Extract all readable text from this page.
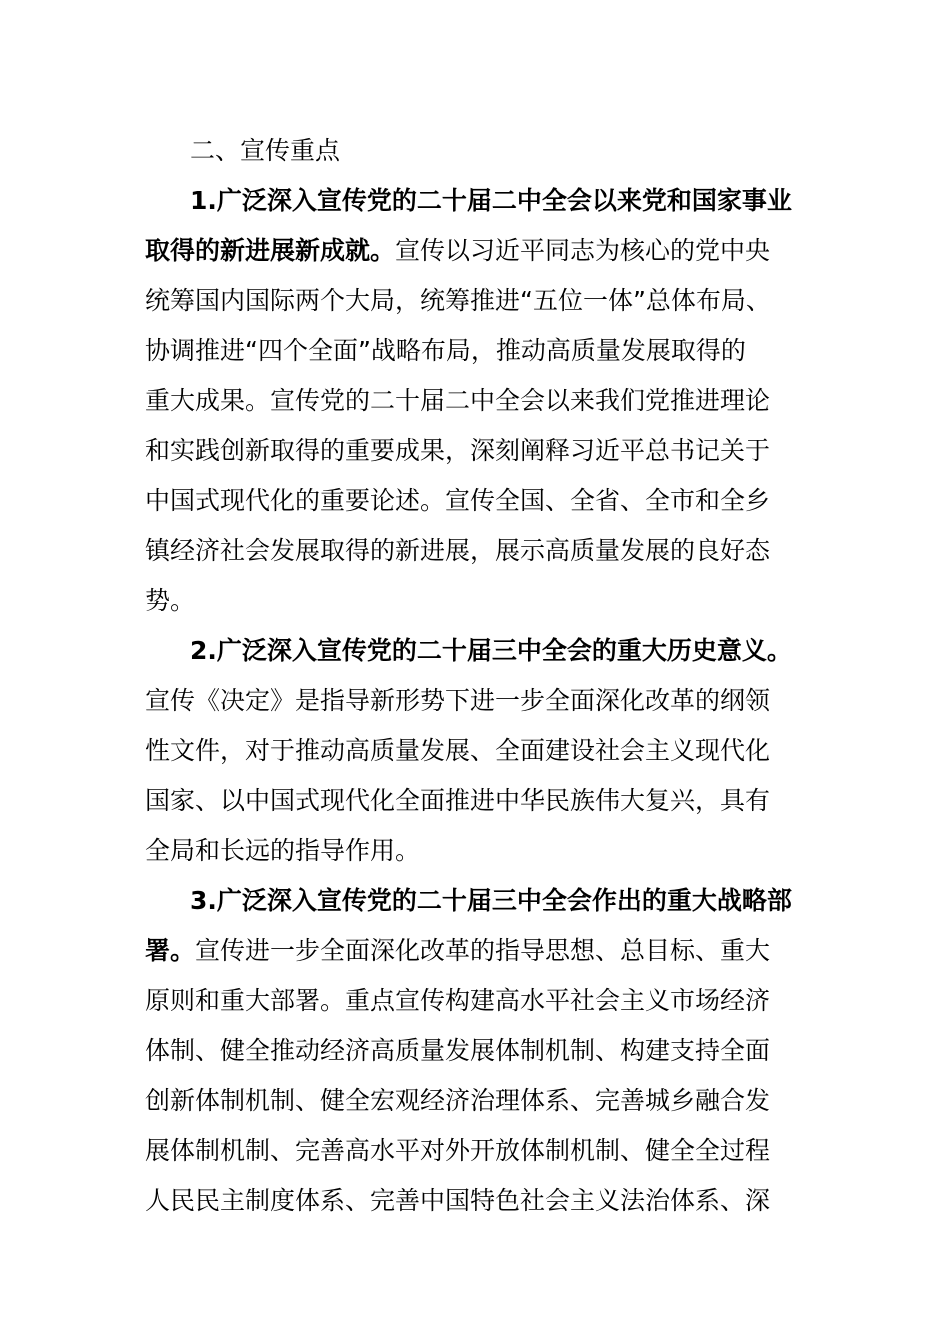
二、宣传重点
1.广泛深入宣传党的二十届二中全会以来党和国家事业
取得的新进展新成就。宣传以习近平同志为核心的党中央
统筹国内国际两个大局，统筹推进“五位一体”总体布局、
协调推进“四个全面”战略布局，推动高质量发展取得的
重大成果。宣传党的二十届二中全会以来我们党推进理论
和实践创新取得的重要成果，深刻阐释习近平总书记关于
中国式现代化的重要论述。宣传全国、全省、全市和全乡
镇经济社会发展取得的新进展，展示高质量发展的良好态
势。
2.广泛深入宣传党的二十届三中全会的重大历史意义。
宣传《决定》是指导新形势下进一步全面深化改革的纲领
性文件，对于推动高质量发展、全面建设社会主义现代化
国家、以中国式现代化全面推进中华民族伟大复兴，具有
全局和长远的指导作用。
3.广泛深入宣传党的二十届三中全会作出的重大战略部
署。宣传进一步全面深化改革的指导思想、总目标、重大
原则和重大部署。重点宣传构建高水平社会主义市场经济
体制、健全推动经济高质量发展体制机制、构建支持全面
创新体制机制、健全宏观经济治理体系、完善城乡融合发
展体制机制、完善高水平对外开放体制机制、健全全过程
人民民主制度体系、完善中国特色社会主义法治体系、深
